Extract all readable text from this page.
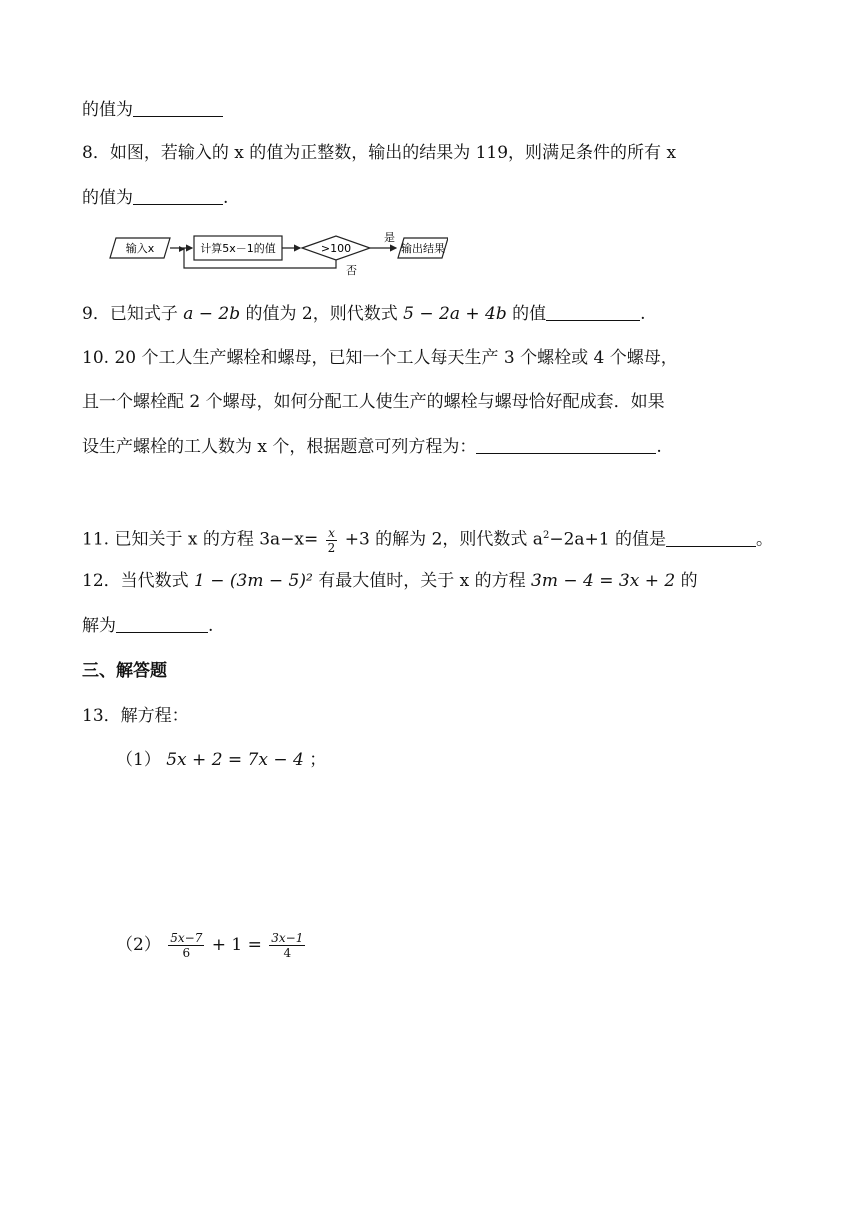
的值为
8．如图，若输入的 x 的值为正整数，输出的结果为 119，则满足条件的所有 x
的值为	.
输入x	计算5x－1的值	>100
是
输出结果
否
9．已知式子 a − 2b 的值为 2，则代数式 5 − 2a + 4b 的值	.
10. 20 个工人生产螺栓和螺母，已知一个工人每天生产 3 个螺栓或 4 个螺母，
且一个螺栓配 2 个螺母，如何分配工人使生产的螺栓与螺母恰好配成套．如果
设生产螺栓的工人数为 x 个，根据题意可列方程为：	.
11. 已知关于 x 的方程 $3a-x= \frac{x}{2} +3$ 的解为 2，则代数式 $a^2-2a+1$ 的值是	。
12．当代数式 1 − (3m − 5)² 有最大值时，关于 x 的方程 3m − 4 = 3x + 2 的
解为	.
三、解答题
13．解方程：
（1） 5x + 2 = 7x − 4 ；
$(2) \frac{5x-7}{6} + 1 = \frac{3x-1}{4}$
